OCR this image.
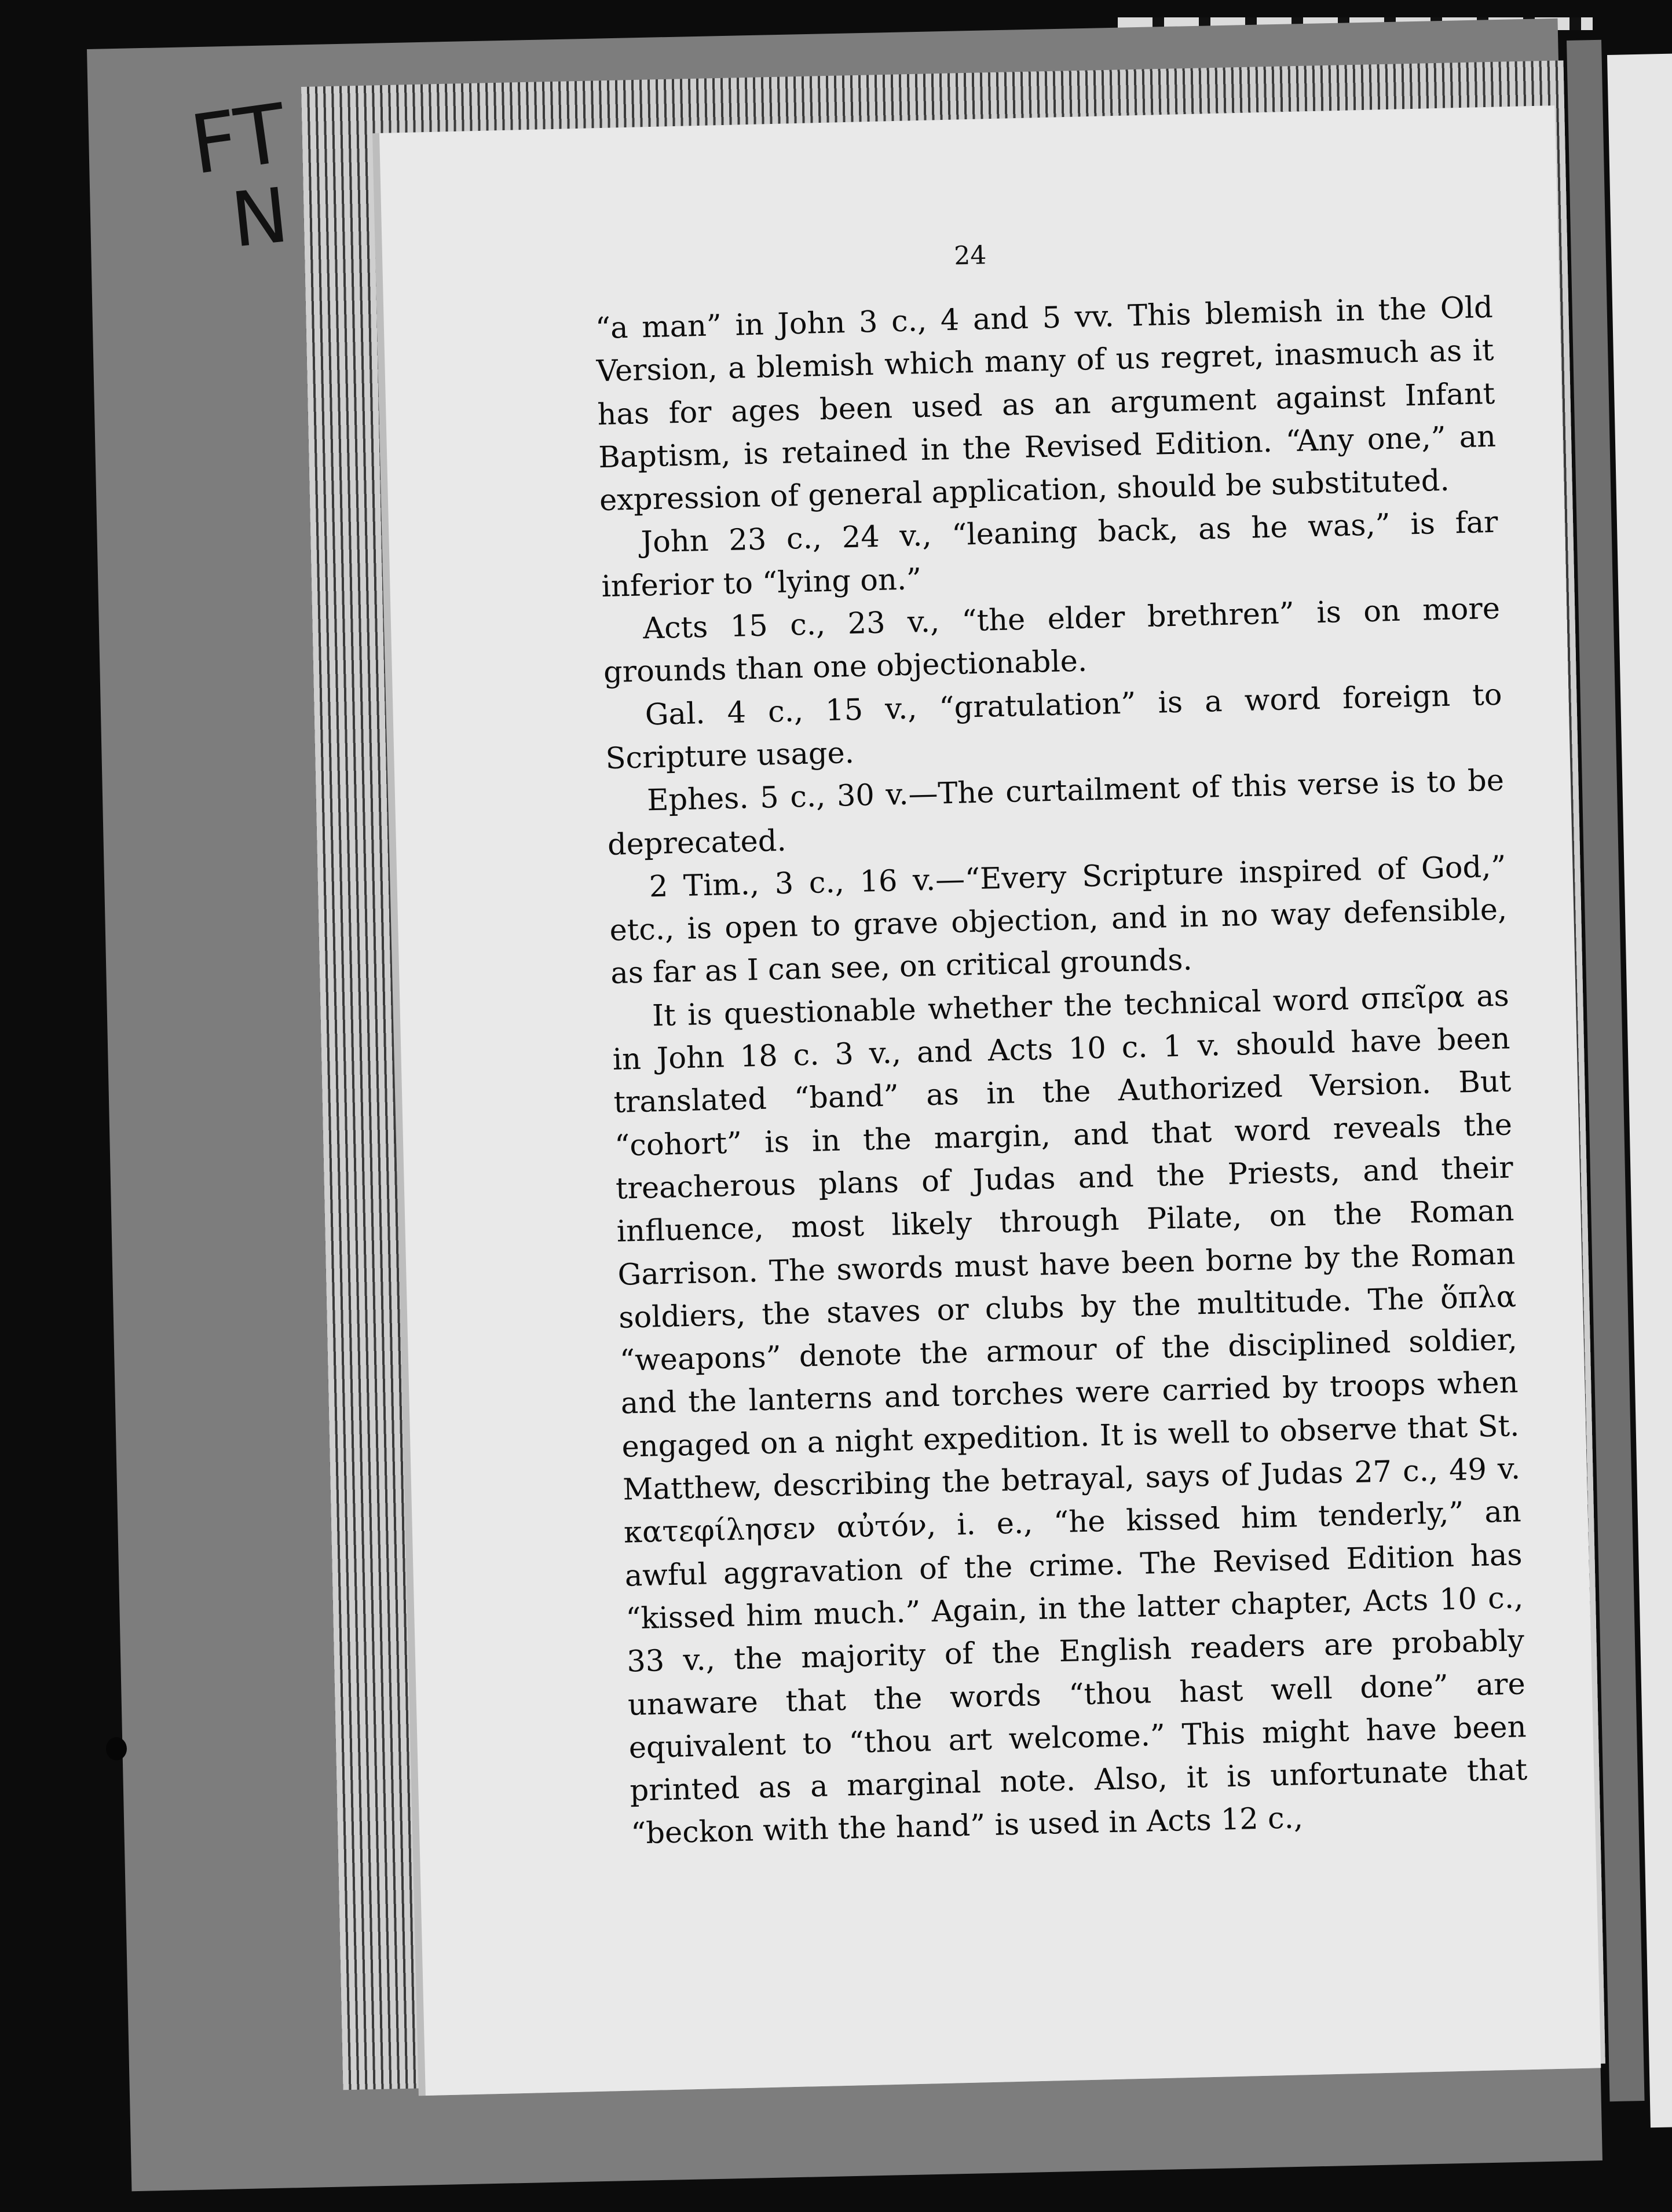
FT
N	24

“a man” in John 3 c., 4 and 5 vv. This blemish in the Old Version, a blemish which many of us regret, inasmuch as it has for ages been used as an argument against Infant Baptism, is retained in the Revised Edition. “Any one,” an expression of general application, should be substituted.

John 23 c., 24 v., “leaning back, as he was,” is far inferior to “lying on.”

Acts 15 c., 23 v., “the elder brethren” is on more grounds than one objectionable.

Gal. 4 c., 15 v., “gratulation” is a word foreign to Scripture usage.

Ephes. 5 c., 30 v.—The curtailment of this verse is to be deprecated.

2 Tim., 3 c., 16 v.—“Every Scripture inspired of God,” etc., is open to grave objection, and in no way defensible, as far as I can see, on critical grounds.

It is questionable whether the technical word σπεῖρα as in John 18 c. 3 v., and Acts 10 c. 1 v. should have been translated “band” as in the Authorized Version. But “cohort” is in the margin, and that word reveals the treacherous plans of Judas and the Priests, and their influence, most likely through Pilate, on the Roman Garrison. The swords must have been borne by the Roman soldiers, the staves or clubs by the multitude. The ὅπλα “weapons” denote the armour of the disciplined soldier, and the lanterns and torches were carried by troops when engaged on a night expedition. It is well to observe that St. Matthew, describing the betrayal, says of Judas 27 c., 49 v. κατεφίλησεν αὐτόν, i. e., “he kissed him tenderly,” an awful aggravation of the crime. The Revised Edition has “kissed him much.” Again, in the latter chapter, Acts 10 c., 33 v., the majority of the English readers are probably unaware that the words “thou hast well done” are equivalent to “thou art welcome.” This might have been printed as a marginal note. Also, it is unfortunate that “beckon with the hand” is used in Acts 12 c.,
